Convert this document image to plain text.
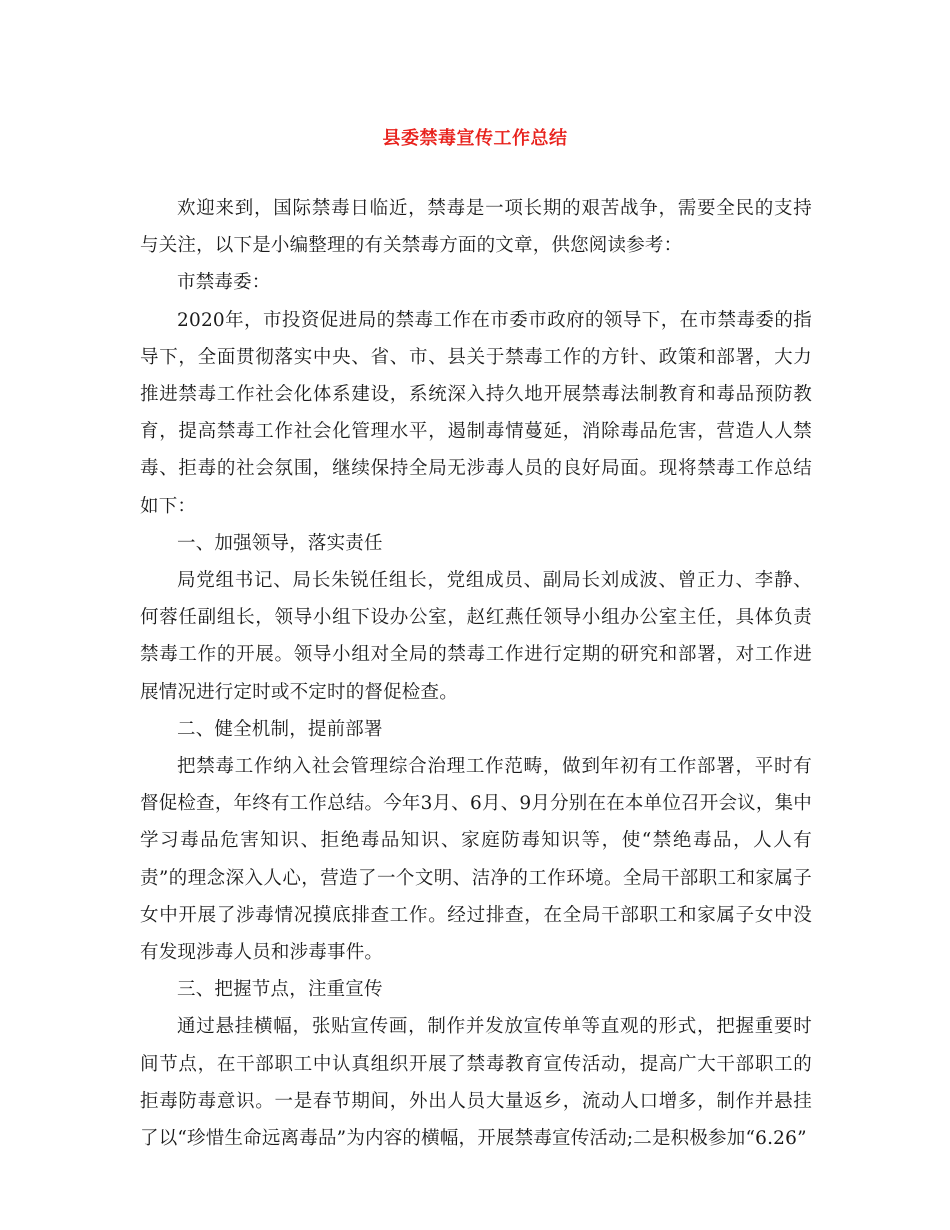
县委禁毒宣传工作总结

欢迎来到，国际禁毒日临近，禁毒是一项长期的艰苦战争，需要全民的支持与关注，以下是小编整理的有关禁毒方面的文章，供您阅读参考：

市禁毒委：

2020年，市投资促进局的禁毒工作在市委市政府的领导下，在市禁毒委的指导下，全面贯彻落实中央、省、市、县关于禁毒工作的方针、政策和部署，大力推进禁毒工作社会化体系建设，系统深入持久地开展禁毒法制教育和毒品预防教育，提高禁毒工作社会化管理水平，遏制毒情蔓延，消除毒品危害，营造人人禁毒、拒毒的社会氛围，继续保持全局无涉毒人员的良好局面。现将禁毒工作总结如下：

一、加强领导，落实责任

局党组书记、局长朱锐任组长，党组成员、副局长刘成波、曾正力、李静、何蓉任副组长，领导小组下设办公室，赵红燕任领导小组办公室主任，具体负责禁毒工作的开展。领导小组对全局的禁毒工作进行定期的研究和部署，对工作进展情况进行定时或不定时的督促检查。

二、健全机制，提前部署

把禁毒工作纳入社会管理综合治理工作范畴，做到年初有工作部署，平时有督促检查，年终有工作总结。今年3月、6月、9月分别在在本单位召开会议，集中学习毒品危害知识、拒绝毒品知识、家庭防毒知识等，使“禁绝毒品，人人有责”的理念深入人心，营造了一个文明、洁净的工作环境。全局干部职工和家属子女中开展了涉毒情况摸底排查工作。经过排查，在全局干部职工和家属子女中没有发现涉毒人员和涉毒事件。

三、把握节点，注重宣传

通过悬挂横幅，张贴宣传画，制作并发放宣传单等直观的形式，把握重要时间节点，在干部职工中认真组织开展了禁毒教育宣传活动，提高广大干部职工的拒毒防毒意识。一是春节期间，外出人员大量返乡，流动人口增多，制作并悬挂了以“珍惜生命远离毒品”为内容的横幅，开展禁毒宣传活动;二是积极参加“6.26”
